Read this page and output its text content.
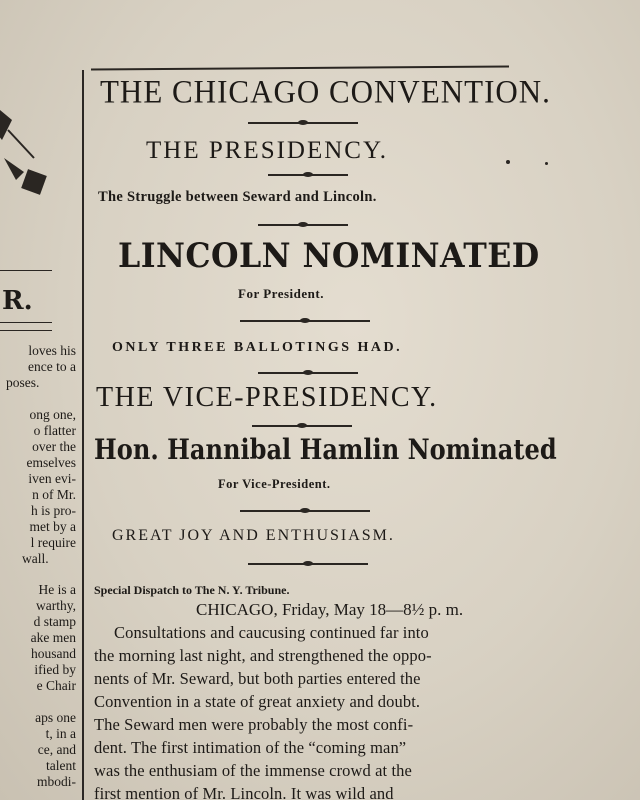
R.
loves his
ence to a
poses.
ong one,
o flatter
over the
emselves
iven evi-
n of Mr.
h is pro-
met by a
l require
wall.
He is a
warthy,
d stamp
ake men
housand
ified by
e Chair
aps one
t, in a
ce, and
talent
mbodi-
THE CHICAGO CONVENTION.
THE PRESIDENCY.
The Struggle between Seward and Lincoln.
LINCOLN NOMINATED
For President.
ONLY THREE BALLOTINGS HAD.
THE VICE-PRESIDENCY.
Hon. Hannibal Hamlin Nominated
For Vice-President.
GREAT JOY AND ENTHUSIASM.
Special Dispatch to The N. Y. Tribune.
CHICAGO, Friday, May 18—8½ p. m.
Consultations and caucusing continued far into
the morning last night, and strengthened the oppo-
nents of Mr. Seward, but both parties entered the
Convention in a state of great anxiety and doubt.
The Seward men were probably the most confi-
dent. The first intimation of the “coming man”
was the enthusiam of the immense crowd at the
first mention of Mr. Lincoln. It was wild and
